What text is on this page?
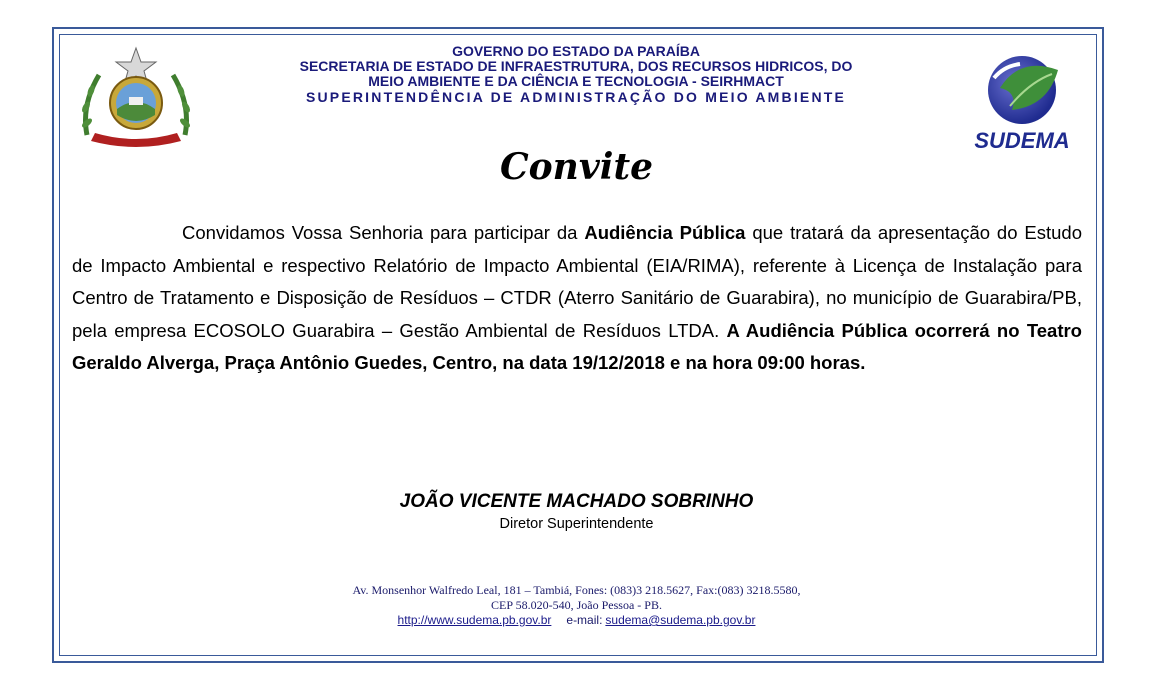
GOVERNO DO ESTADO DA PARAÍBA
SECRETARIA DE ESTADO DE INFRAESTRUTURA, DOS RECURSOS HIDRICOS, DO
MEIO AMBIENTE E DA CIÊNCIA E TECNOLOGIA - SEIRHMACT
SUPERINTENDÊNCIA DE ADMINISTRAÇÃO DO MEIO AMBIENTE
SUDEMA
Convite
Convidamos Vossa Senhoria para participar da Audiência Pública que tratará da apresentação do Estudo de Impacto Ambiental e respectivo Relatório de Impacto Ambiental (EIA/RIMA), referente à Licença de Instalação para Centro de Tratamento e Disposição de Resíduos – CTDR (Aterro Sanitário de Guarabira), no município de Guarabira/PB, pela empresa ECOSOLO Guarabira – Gestão Ambiental de Resíduos LTDA. A Audiência Pública ocorrerá no Teatro Geraldo Alverga, Praça Antônio Guedes, Centro, na data 19/12/2018 e na hora 09:00 horas.
JOÃO VICENTE MACHADO SOBRINHO
Diretor Superintendente
Av. Monsenhor Walfredo Leal, 181 – Tambiá, Fones: (083)3 218.5627, Fax:(083) 3218.5580,
CEP 58.020-540, João Pessoa - PB.
http://www.sudema.pb.gov.br e-mail: sudema@sudema.pb.gov.br
